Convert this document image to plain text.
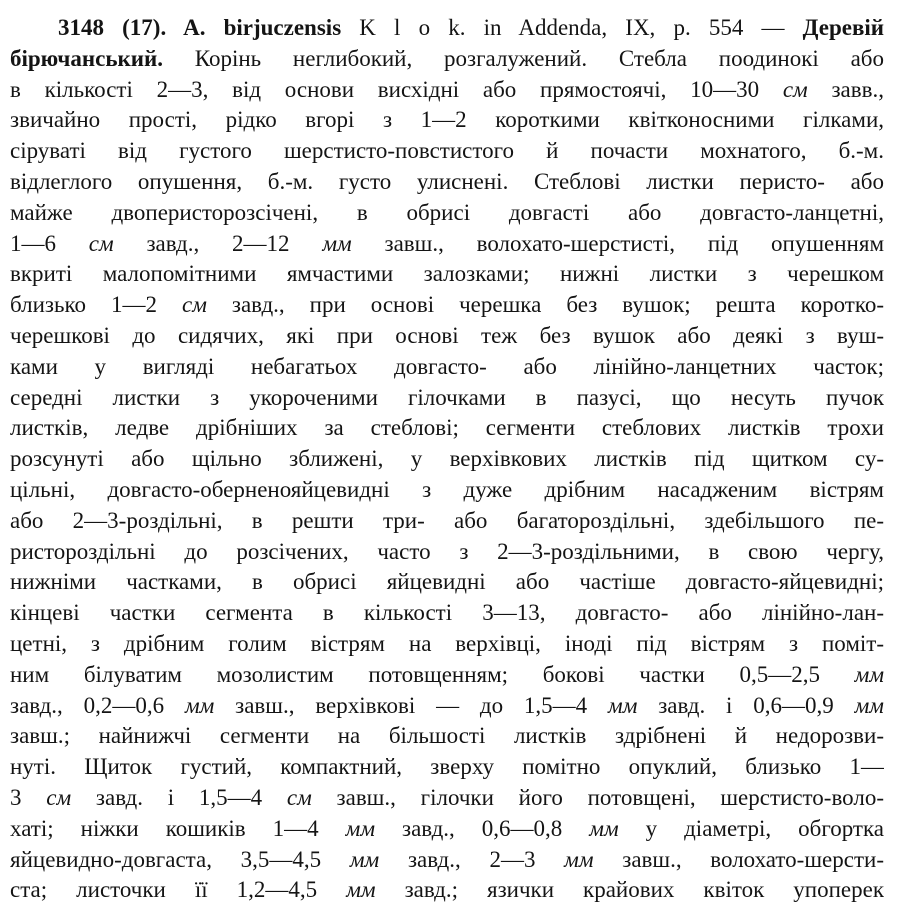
3148 (17). A. birjuczensis K l o k. in Addenda, IX, p. 554 — Деревій
бірючанський. Корінь неглибокий, розгалужений. Стебла поодинокі або
в кількості 2—3, від основи висхідні або прямостоячі, 10—30 см завв.,
звичайно прості, рідко вгорі з 1—2 короткими квітконосними гілками,
сіруваті від густого шерстисто-повстистого й почасти мохнатого, б.-м.
відлеглого опушення, б.-м. густо улиснені. Стеблові листки перисто- або
майже двоперисторозсічені, в обрисі довгасті або довгасто-ланцетні,
1—6 см завд., 2—12 мм завш., волохато-шерстисті, під опушенням
вкриті малопомітними ямчастими залозками; нижні листки з черешком
близько 1—2 см завд., при основі черешка без вушок; решта коротко-
черешкові до сидячих, які при основі теж без вушок або деякі з вуш-
ками у вигляді небагатьох довгасто- або лінійно-ланцетних часток;
середні листки з укороченими гілочками в пазусі, що несуть пучок
листків, ледве дрібніших за стеблові; сегменти стеблових листків трохи
розсунуті або щільно зближені, у верхівкових листків під щитком су-
цільні, довгасто-оберненояйцевидні з дуже дрібним насадженим вістрям
або 2—3-роздільні, в решти три- або багатороздільні, здебільшого пе-
ристороздільні до розсічених, часто з 2—3-роздільними, в свою чергу,
нижніми частками, в обрисі яйцевидні або частіше довгасто-яйцевидні;
кінцеві частки сегмента в кількості 3—13, довгасто- або лінійно-лан-
цетні, з дрібним голим вістрям на верхівці, іноді під вістрям з поміт-
ним білуватим мозолистим потовщенням; бокові частки 0,5—2,5 мм
завд., 0,2—0,6 мм завш., верхівкові — до 1,5—4 мм завд. і 0,6—0,9 мм
завш.; найнижчі сегменти на більшості листків здрібнені й недорозви-
нуті. Щиток густий, компактний, зверху помітно опуклий, близько 1—
3 см завд. і 1,5—4 см завш., гілочки його потовщені, шерстисто-воло-
хаті; ніжки кошиків 1—4 мм завд., 0,6—0,8 мм у діаметрі, обгортка
яйцевидно-довгаста, 3,5—4,5 мм завд., 2—3 мм завш., волохато-шерсти-
ста; листочки її 1,2—4,5 мм завд.; язички крайових квіток упоперек
